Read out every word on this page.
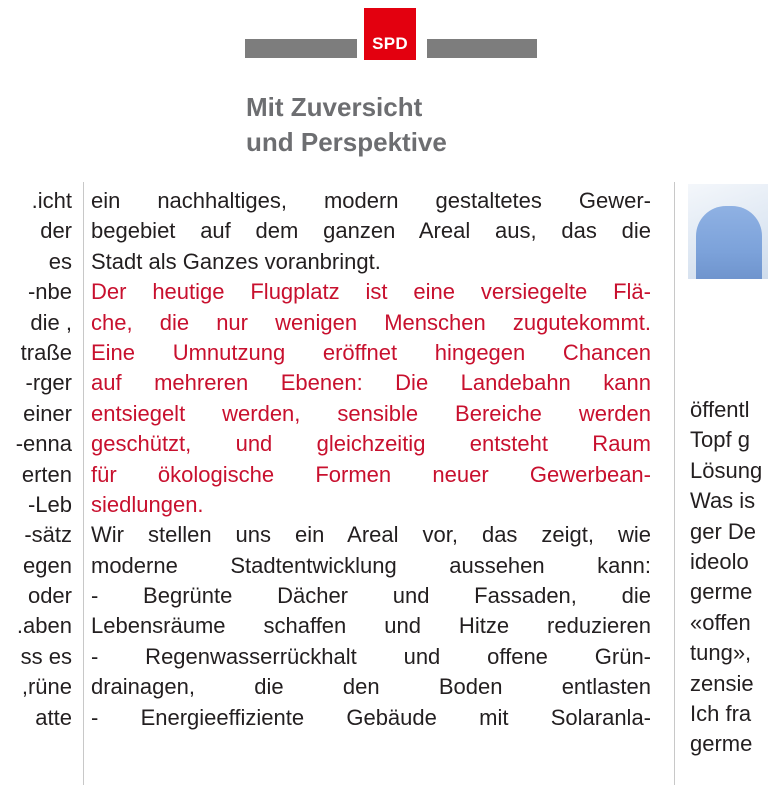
SPD
Mit Zuversicht
und Perspektive
icht.
der
es
nbe-
, die
traße
rger-
einer
enna-
erten
Leb-
sätz-
egen
oder
aben.
ss es
rüne,
atte
ein nachhaltiges, modern gestaltetes Gewer-
begebiet auf dem ganzen Areal aus, das die
Stadt als Ganzes voranbringt.
Der heutige Flugplatz ist eine versiegelte Flä-
che, die nur wenigen Menschen zugutekommt.
Eine Umnutzung eröffnet hingegen Chancen
auf mehreren Ebenen: Die Landebahn kann
entsiegelt werden, sensible Bereiche werden
geschützt, und gleichzeitig entsteht Raum
für ökologische Formen neuer Gewerbean-
siedlungen.
Wir stellen uns ein Areal vor, das zeigt, wie
moderne Stadtentwicklung aussehen kann:
- Begrünte Dächer und Fassaden, die
Lebensräume schaffen und Hitze reduzieren
- Regenwasserrückhalt und offene Grün-
drainagen, die den Boden entlasten
- Energieeffiziente Gebäude mit Solaranla-
öffentl
Topf g
Lösung
Was is
ger De
ideolo
germe
«offen
tung»,
zensie
Ich fra
germe
